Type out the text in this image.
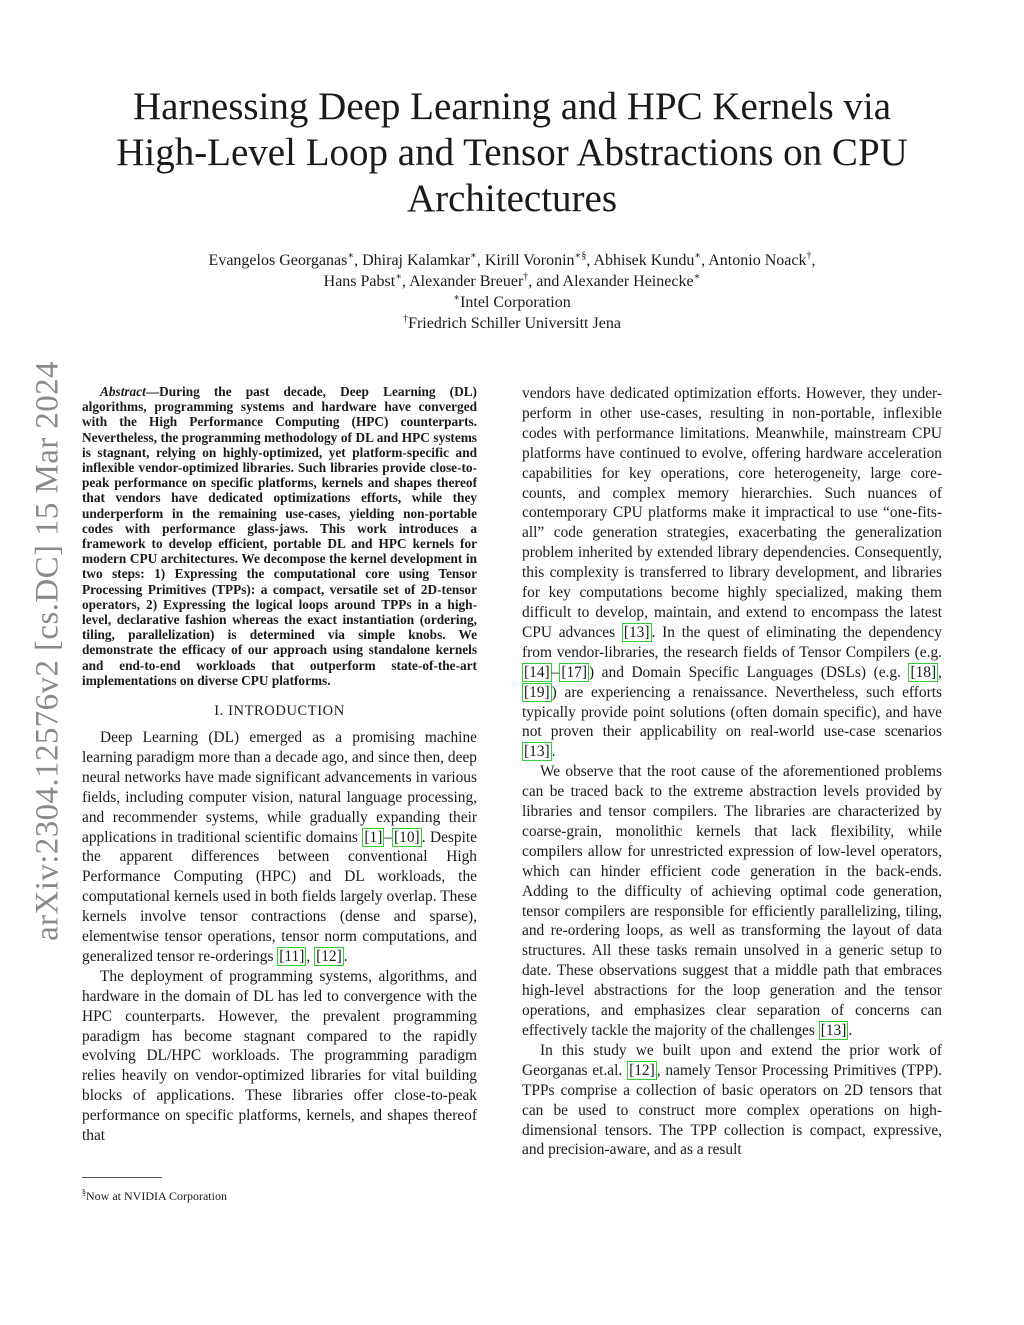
arXiv:2304.12576v2 [cs.DC] 15 Mar 2024
Harnessing Deep Learning and HPC Kernels via
High-Level Loop and Tensor Abstractions on CPU
Architectures
Evangelos Georganas∗, Dhiraj Kalamkar∗, Kirill Voronin∗§, Abhisek Kundu∗, Antonio Noack†,
Hans Pabst∗, Alexander Breuer†, and Alexander Heinecke∗
∗Intel Corporation
†Friedrich Schiller Universitt Jena

Abstract—During the past decade, Deep Learning (DL) algorithms, programming systems and hardware have converged with the High Performance Computing (HPC) counterparts. Nevertheless, the programming methodology of DL and HPC systems is stagnant, relying on highly-optimized, yet platform-specific and inflexible vendor-optimized libraries. Such libraries provide close-to-peak performance on specific platforms, kernels and shapes thereof that vendors have dedicated optimizations efforts, while they underperform in the remaining use-cases, yielding non-portable codes with performance glass-jaws. This work introduces a framework to develop efficient, portable DL and HPC kernels for modern CPU architectures. We decompose the kernel development in two steps: 1) Expressing the computational core using Tensor Processing Primitives (TPPs): a compact, versatile set of 2D-tensor operators, 2) Expressing the logical loops around TPPs in a high-level, declarative fashion whereas the exact instantiation (ordering, tiling, parallelization) is determined via simple knobs. We demonstrate the efficacy of our approach using standalone kernels and end-to-end workloads that outperform state-of-the-art implementations on diverse CPU platforms.

I. INTRODUCTION

Deep Learning (DL) emerged as a promising machine learning paradigm more than a decade ago, and since then, deep neural networks have made significant advancements in various fields, including computer vision, natural language processing, and recommender systems, while gradually expanding their applications in traditional scientific domains [1] – [10] . Despite the apparent differences between conventional High Performance Computing (HPC) and DL workloads, the computational kernels used in both fields largely overlap. These kernels involve tensor contractions (dense and sparse), elementwise tensor operations, tensor norm computations, and generalized tensor re-orderings [11] , [12] .

The deployment of programming systems, algorithms, and hardware in the domain of DL has led to convergence with the HPC counterparts. However, the prevalent programming paradigm has become stagnant compared to the rapidly evolving DL/HPC workloads. The programming paradigm relies heavily on vendor-optimized libraries for vital building blocks of applications. These libraries offer close-to-peak performance on specific platforms, kernels, and shapes thereof that

vendors have dedicated optimization efforts. However, they under-perform in other use-cases, resulting in non-portable, inflexible codes with performance limitations. Meanwhile, mainstream CPU platforms have continued to evolve, offering hardware acceleration capabilities for key operations, core heterogeneity, large core-counts, and complex memory hierarchies. Such nuances of contemporary CPU platforms make it impractical to use “one-fits-all” code generation strategies, exacerbating the generalization problem inherited by extended library dependencies. Consequently, this complexity is transferred to library development, and libraries for key computations become highly specialized, making them difficult to develop, maintain, and extend to encompass the latest CPU advances [13] . In the quest of eliminating the dependency from vendor-libraries, the research fields of Tensor Compilers (e.g. [14] – [17] ) and Domain Specific Languages (DSLs) (e.g. [18] , [19] ) are experiencing a renaissance. Nevertheless, such efforts typically provide point solutions (often domain specific), and have not proven their applicability on real-world use-case scenarios [13] .

We observe that the root cause of the aforementioned problems can be traced back to the extreme abstraction levels provided by libraries and tensor compilers. The libraries are characterized by coarse-grain, monolithic kernels that lack flexibility, while compilers allow for unrestricted expression of low-level operators, which can hinder efficient code generation in the back-ends. Adding to the difficulty of achieving optimal code generation, tensor compilers are responsible for efficiently parallelizing, tiling, and re-ordering loops, as well as transforming the layout of data structures. All these tasks remain unsolved in a generic setup to date. These observations suggest that a middle path that embraces high-level abstractions for the loop generation and the tensor operations, and emphasizes clear separation of concerns can effectively tackle the majority of the challenges [13] .

In this study we built upon and extend the prior work of Georganas et.al. [12] , namely Tensor Processing Primitives (TPP). TPPs comprise a collection of basic operators on 2D tensors that can be used to construct more complex operations on high-dimensional tensors. The TPP collection is compact, expressive, and precision-aware, and as a result

§Now at NVIDIA Corporation
